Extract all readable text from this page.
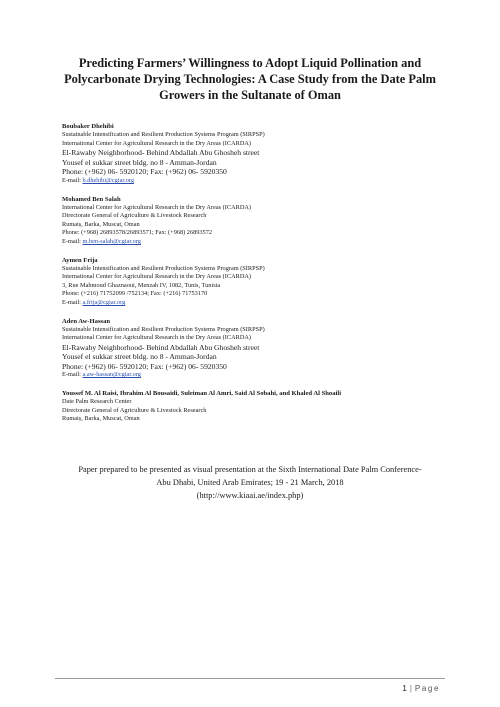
Predicting Farmers’ Willingness to Adopt Liquid Pollination and
Polycarbonate Drying Technologies: A Case Study from the Date Palm
Growers in the Sultanate of Oman
Boubaker Dhehibi
Sustainable Intensification and Resilient Production Systems Program (SIRPSP)
International Center for Agricultural Research in the Dry Areas (ICARDA)
El-Rawaby Neighborhood- Behind Abdallah Abu Ghosheh street
Yousef el sukkar street bldg. no 8 - Amman-Jordan
Phone: (+962) 06- 5920120; Fax: (+962) 06- 5920350
E-mail: b.dhehibi@cgiar.org
Mohamed Ben Salah
International Center for Agricultural Research in the Dry Areas (ICARDA)
Directorate General of Agriculture & Livestock Research
Rumaiș, Barka, Muscat, Oman
Phone: (+968) 26893578/26893571; Fax: (+968) 26893572
E-mail: m.ben-salah@cgiar.org
Aymen Frija
Sustainable Intensification and Resilient Production Systems Program (SIRPSP)
International Center for Agricultural Research in the Dry Areas (ICARDA)
3, Rue Mahmoud Ghaznaoui, Menzah IV, 1082, Tunis, Tunisia
Phone: (+216) 71752099 /752134; Fax: (+216) 71753170
E-mail: a.frija@cgiar.org
Aden Aw-Hassan
Sustainable Intensification and Resilient Production Systems Program (SIRPSP)
International Center for Agricultural Research in the Dry Areas (ICARDA)
El-Rawaby Neighborhood- Behind Abdallah Abu Ghosheh street
Yousef el sukkar street bldg. no 8 - Amman-Jordan
Phone: (+962) 06- 5920120; Fax: (+962) 06- 5920350
E-mail: a.aw-hassan@cgiar.org
Youssef M. Al Raisi, Ibrahim Al Bousaidi, Suleiman Al Amri, Said Al Sobahi, and Khaled Al Shoaili
Date Palm Research Center
Directorate General of Agriculture & Livestock Research
Rumaiș, Barka, Muscat, Oman
Paper prepared to be presented as visual presentation at the Sixth International Date Palm Conference-
Abu Dhabi, United Arab Emirates; 19 - 21 March, 2018
(http://www.kiaai.ae/index.php)
1 | Page
